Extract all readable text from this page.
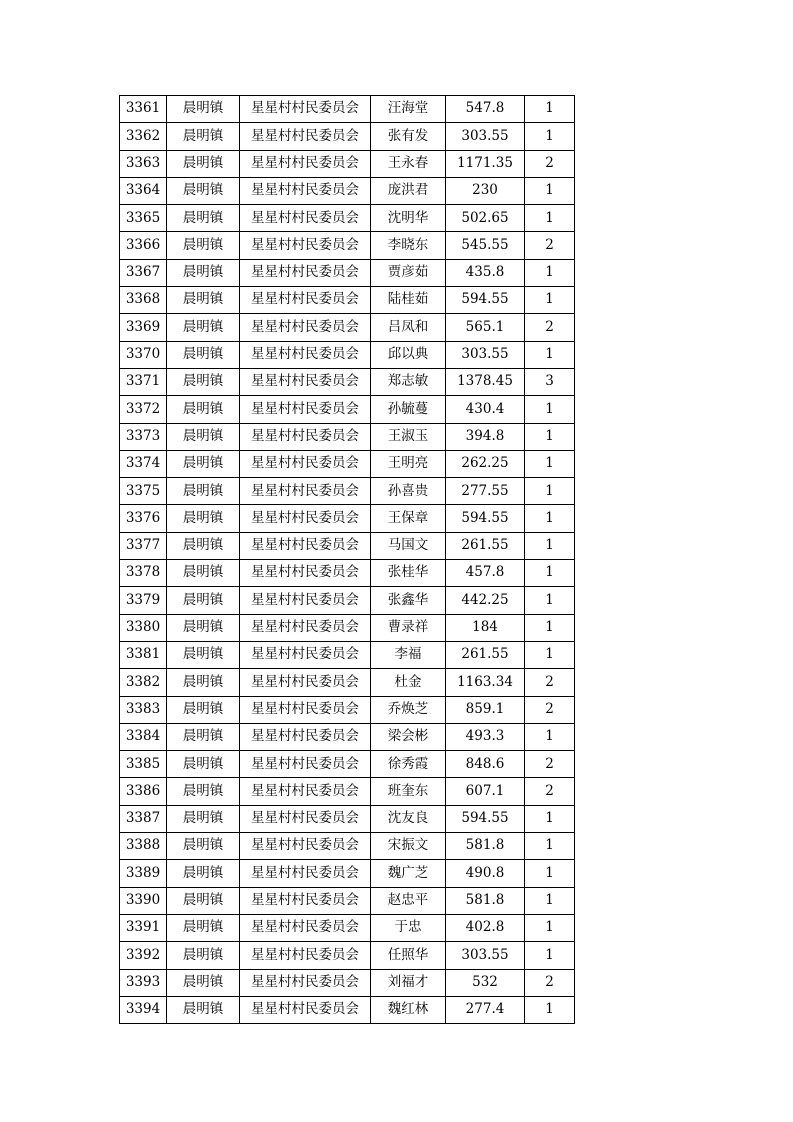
3361	晨明镇	星星村村民委员会	汪海堂	547.8	1
3362	晨明镇	星星村村民委员会	张有发	303.55	1
3363	晨明镇	星星村村民委员会	王永春	1171.35	2
3364	晨明镇	星星村村民委员会	庞洪君	230	1
3365	晨明镇	星星村村民委员会	沈明华	502.65	1
3366	晨明镇	星星村村民委员会	李晓东	545.55	2
3367	晨明镇	星星村村民委员会	贾彦茹	435.8	1
3368	晨明镇	星星村村民委员会	陆桂茹	594.55	1
3369	晨明镇	星星村村民委员会	吕凤和	565.1	2
3370	晨明镇	星星村村民委员会	邱以典	303.55	1
3371	晨明镇	星星村村民委员会	郑志敏	1378.45	3
3372	晨明镇	星星村村民委员会	孙毓蔓	430.4	1
3373	晨明镇	星星村村民委员会	王淑玉	394.8	1
3374	晨明镇	星星村村民委员会	王明亮	262.25	1
3375	晨明镇	星星村村民委员会	孙喜贵	277.55	1
3376	晨明镇	星星村村民委员会	王保章	594.55	1
3377	晨明镇	星星村村民委员会	马国文	261.55	1
3378	晨明镇	星星村村民委员会	张桂华	457.8	1
3379	晨明镇	星星村村民委员会	张鑫华	442.25	1
3380	晨明镇	星星村村民委员会	曹录祥	184	1
3381	晨明镇	星星村村民委员会	李福	261.55	1
3382	晨明镇	星星村村民委员会	杜金	1163.34	2
3383	晨明镇	星星村村民委员会	乔焕芝	859.1	2
3384	晨明镇	星星村村民委员会	梁会彬	493.3	1
3385	晨明镇	星星村村民委员会	徐秀霞	848.6	2
3386	晨明镇	星星村村民委员会	班奎东	607.1	2
3387	晨明镇	星星村村民委员会	沈友良	594.55	1
3388	晨明镇	星星村村民委员会	宋振文	581.8	1
3389	晨明镇	星星村村民委员会	魏广芝	490.8	1
3390	晨明镇	星星村村民委员会	赵忠平	581.8	1
3391	晨明镇	星星村村民委员会	于忠	402.8	1
3392	晨明镇	星星村村民委员会	任照华	303.55	1
3393	晨明镇	星星村村民委员会	刘福才	532	2
3394	晨明镇	星星村村民委员会	魏红林	277.4	1
